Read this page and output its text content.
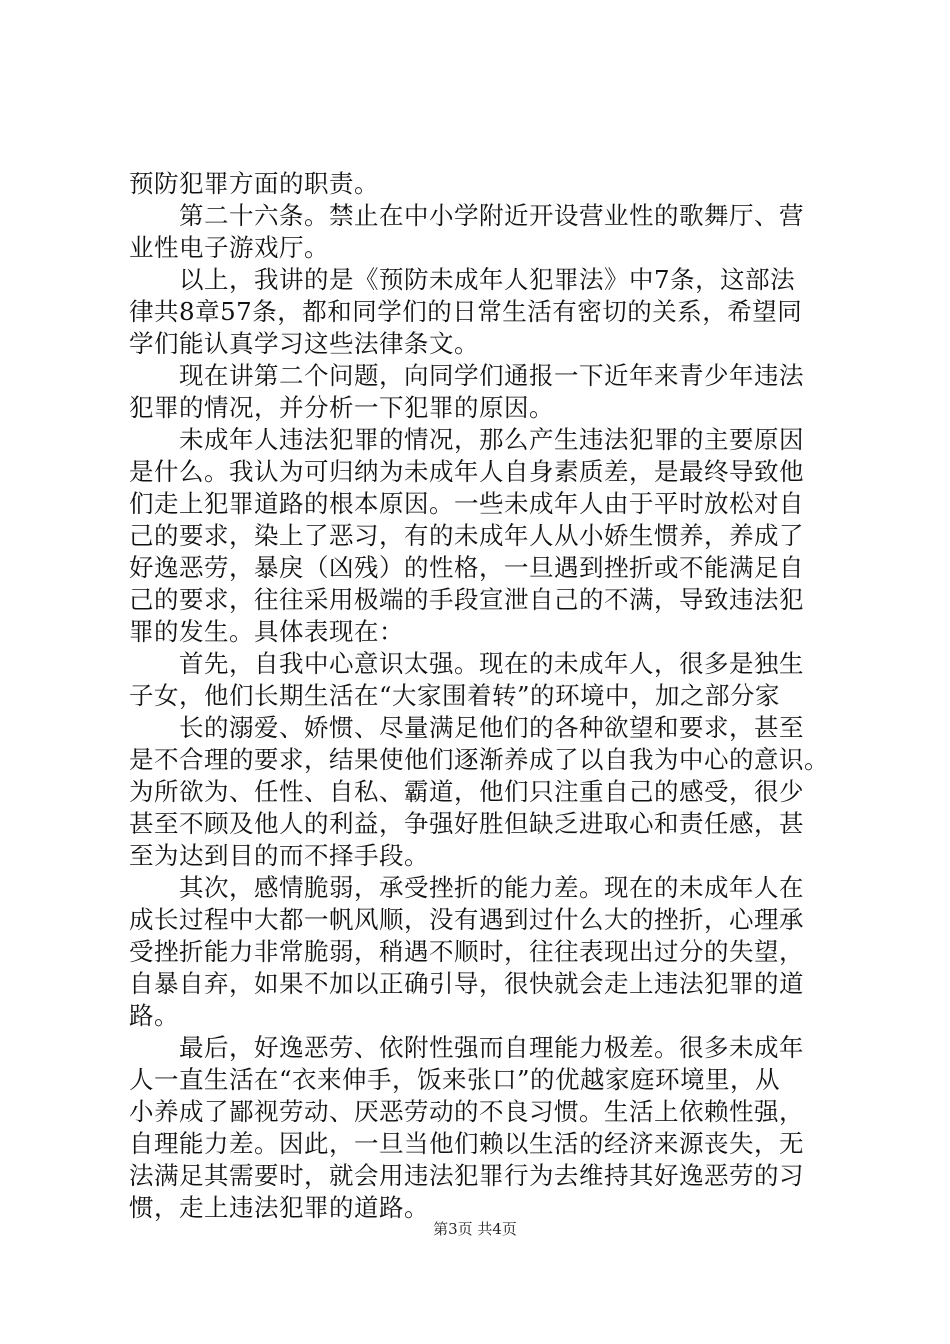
预防犯罪方面的职责。
　　第二十六条。禁止在中小学附近开设营业性的歌舞厅、营
业性电子游戏厅。
　　以上，我讲的是《预防未成年人犯罪法》中7条，这部法
律共8章57条，都和同学们的日常生活有密切的关系，希望同
学们能认真学习这些法律条文。
　　现在讲第二个问题，向同学们通报一下近年来青少年违法
犯罪的情况，并分析一下犯罪的原因。
　　未成年人违法犯罪的情况，那么产生违法犯罪的主要原因
是什么。我认为可归纳为未成年人自身素质差，是最终导致他
们走上犯罪道路的根本原因。一些未成年人由于平时放松对自
己的要求，染上了恶习，有的未成年人从小娇生惯养，养成了
好逸恶劳，暴戾（凶残）的性格，一旦遇到挫折或不能满足自
己的要求，往往采用极端的手段宣泄自己的不满，导致违法犯
罪的发生。具体表现在：
　　首先，自我中心意识太强。现在的未成年人，很多是独生
子女，他们长期生活在“大家围着转”的环境中，加之部分家
　　长的溺爱、娇惯、尽量满足他们的各种欲望和要求，甚至
是不合理的要求，结果使他们逐渐养成了以自我为中心的意识。
为所欲为、任性、自私、霸道，他们只注重自己的感受，很少
甚至不顾及他人的利益，争强好胜但缺乏进取心和责任感，甚
至为达到目的而不择手段。
　　其次，感情脆弱，承受挫折的能力差。现在的未成年人在
成长过程中大都一帆风顺，没有遇到过什么大的挫折，心理承
受挫折能力非常脆弱，稍遇不顺时，往往表现出过分的失望，
自暴自弃，如果不加以正确引导，很快就会走上违法犯罪的道
路。
　　最后，好逸恶劳、依附性强而自理能力极差。很多未成年
人一直生活在“衣来伸手，饭来张口”的优越家庭环境里，从
小养成了鄙视劳动、厌恶劳动的不良习惯。生活上依赖性强，
自理能力差。因此，一旦当他们赖以生活的经济来源丧失，无
法满足其需要时，就会用违法犯罪行为去维持其好逸恶劳的习
惯，走上违法犯罪的道路。
第3页 共4页
